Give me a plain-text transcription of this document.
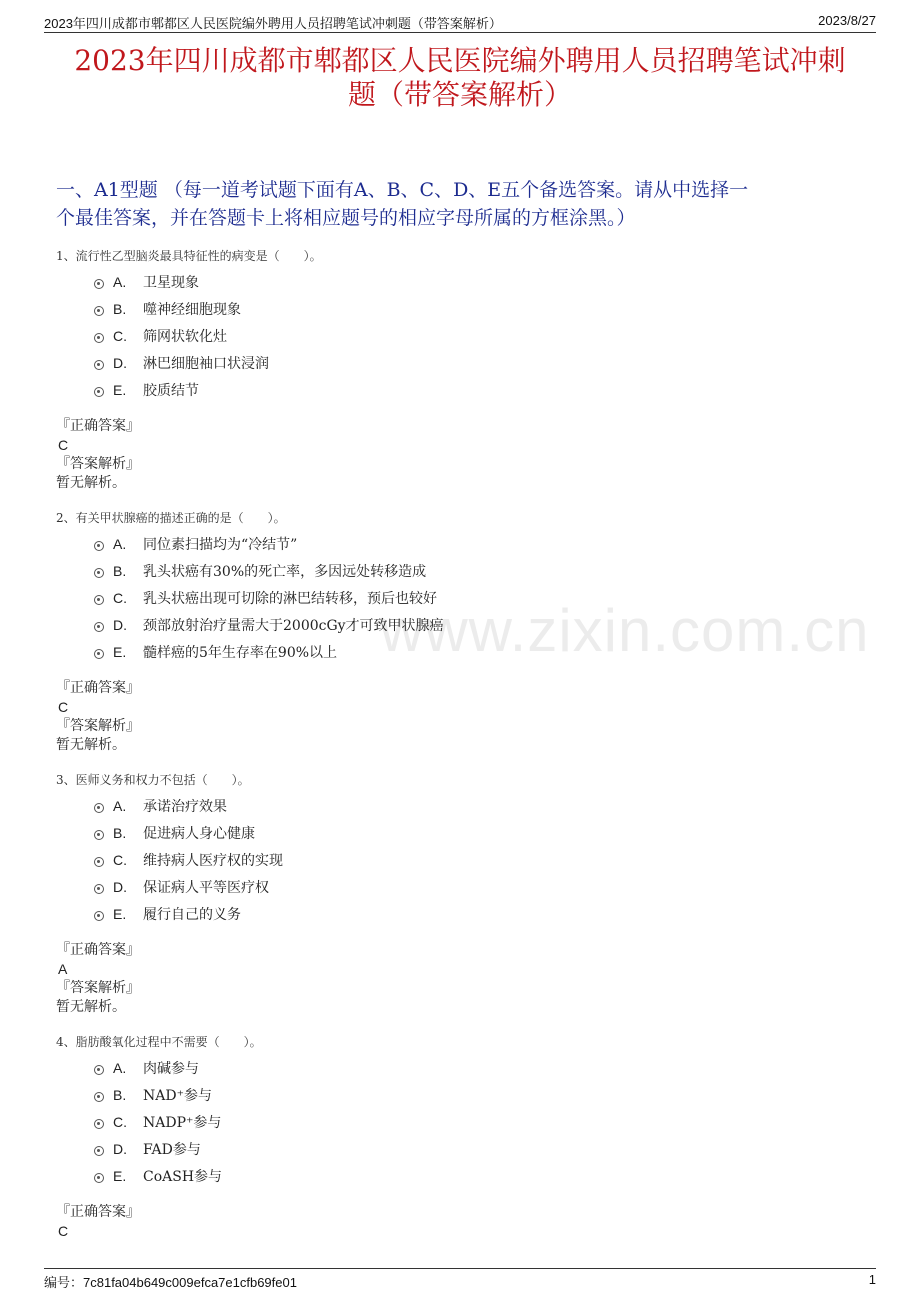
2023年四川成都市郫都区人民医院编外聘用人员招聘笔试冲刺题（带答案解析）	2023/8/27
2023年四川成都市郫都区人民医院编外聘用人员招聘笔试冲刺
题（带答案解析）
一、A1型题 （每一道考试题下面有A、B、C、D、E五个备选答案。请从中选择一
个最佳答案，并在答题卡上将相应题号的相应字母所属的方框涂黑。）
www.zixin.com.cn
1、流行性乙型脑炎最具特征性的病变是（　　）。
A.	卫星现象
B.	噬神经细胞现象
C.	筛网状软化灶
D.	淋巴细胞袖口状浸润
E.	胶质结节
『正确答案』
C
『答案解析』
暂无解析。
2、有关甲状腺癌的描述正确的是（　　）。
A.	同位素扫描均为“冷结节”
B.	乳头状癌有30%的死亡率，多因远处转移造成
C.	乳头状癌出现可切除的淋巴结转移，预后也较好
D.	颈部放射治疗量需大于2000cGy才可致甲状腺癌
E.	髓样癌的5年生存率在90%以上
『正确答案』
C
『答案解析』
暂无解析。
3、医师义务和权力不包括（　　）。
A.	承诺治疗效果
B.	促进病人身心健康
C.	维持病人医疗权的实现
D.	保证病人平等医疗权
E.	履行自己的义务
『正确答案』
A
『答案解析』
暂无解析。
4、脂肪酸氧化过程中不需要（　　）。
A.	肉碱参与
B.	NAD⁺参与
C.	NADP⁺参与
D.	FAD参与
E.	CoASH参与
『正确答案』
C
编号：7c81fa04b649c009efca7e1cfb69fe01	1
